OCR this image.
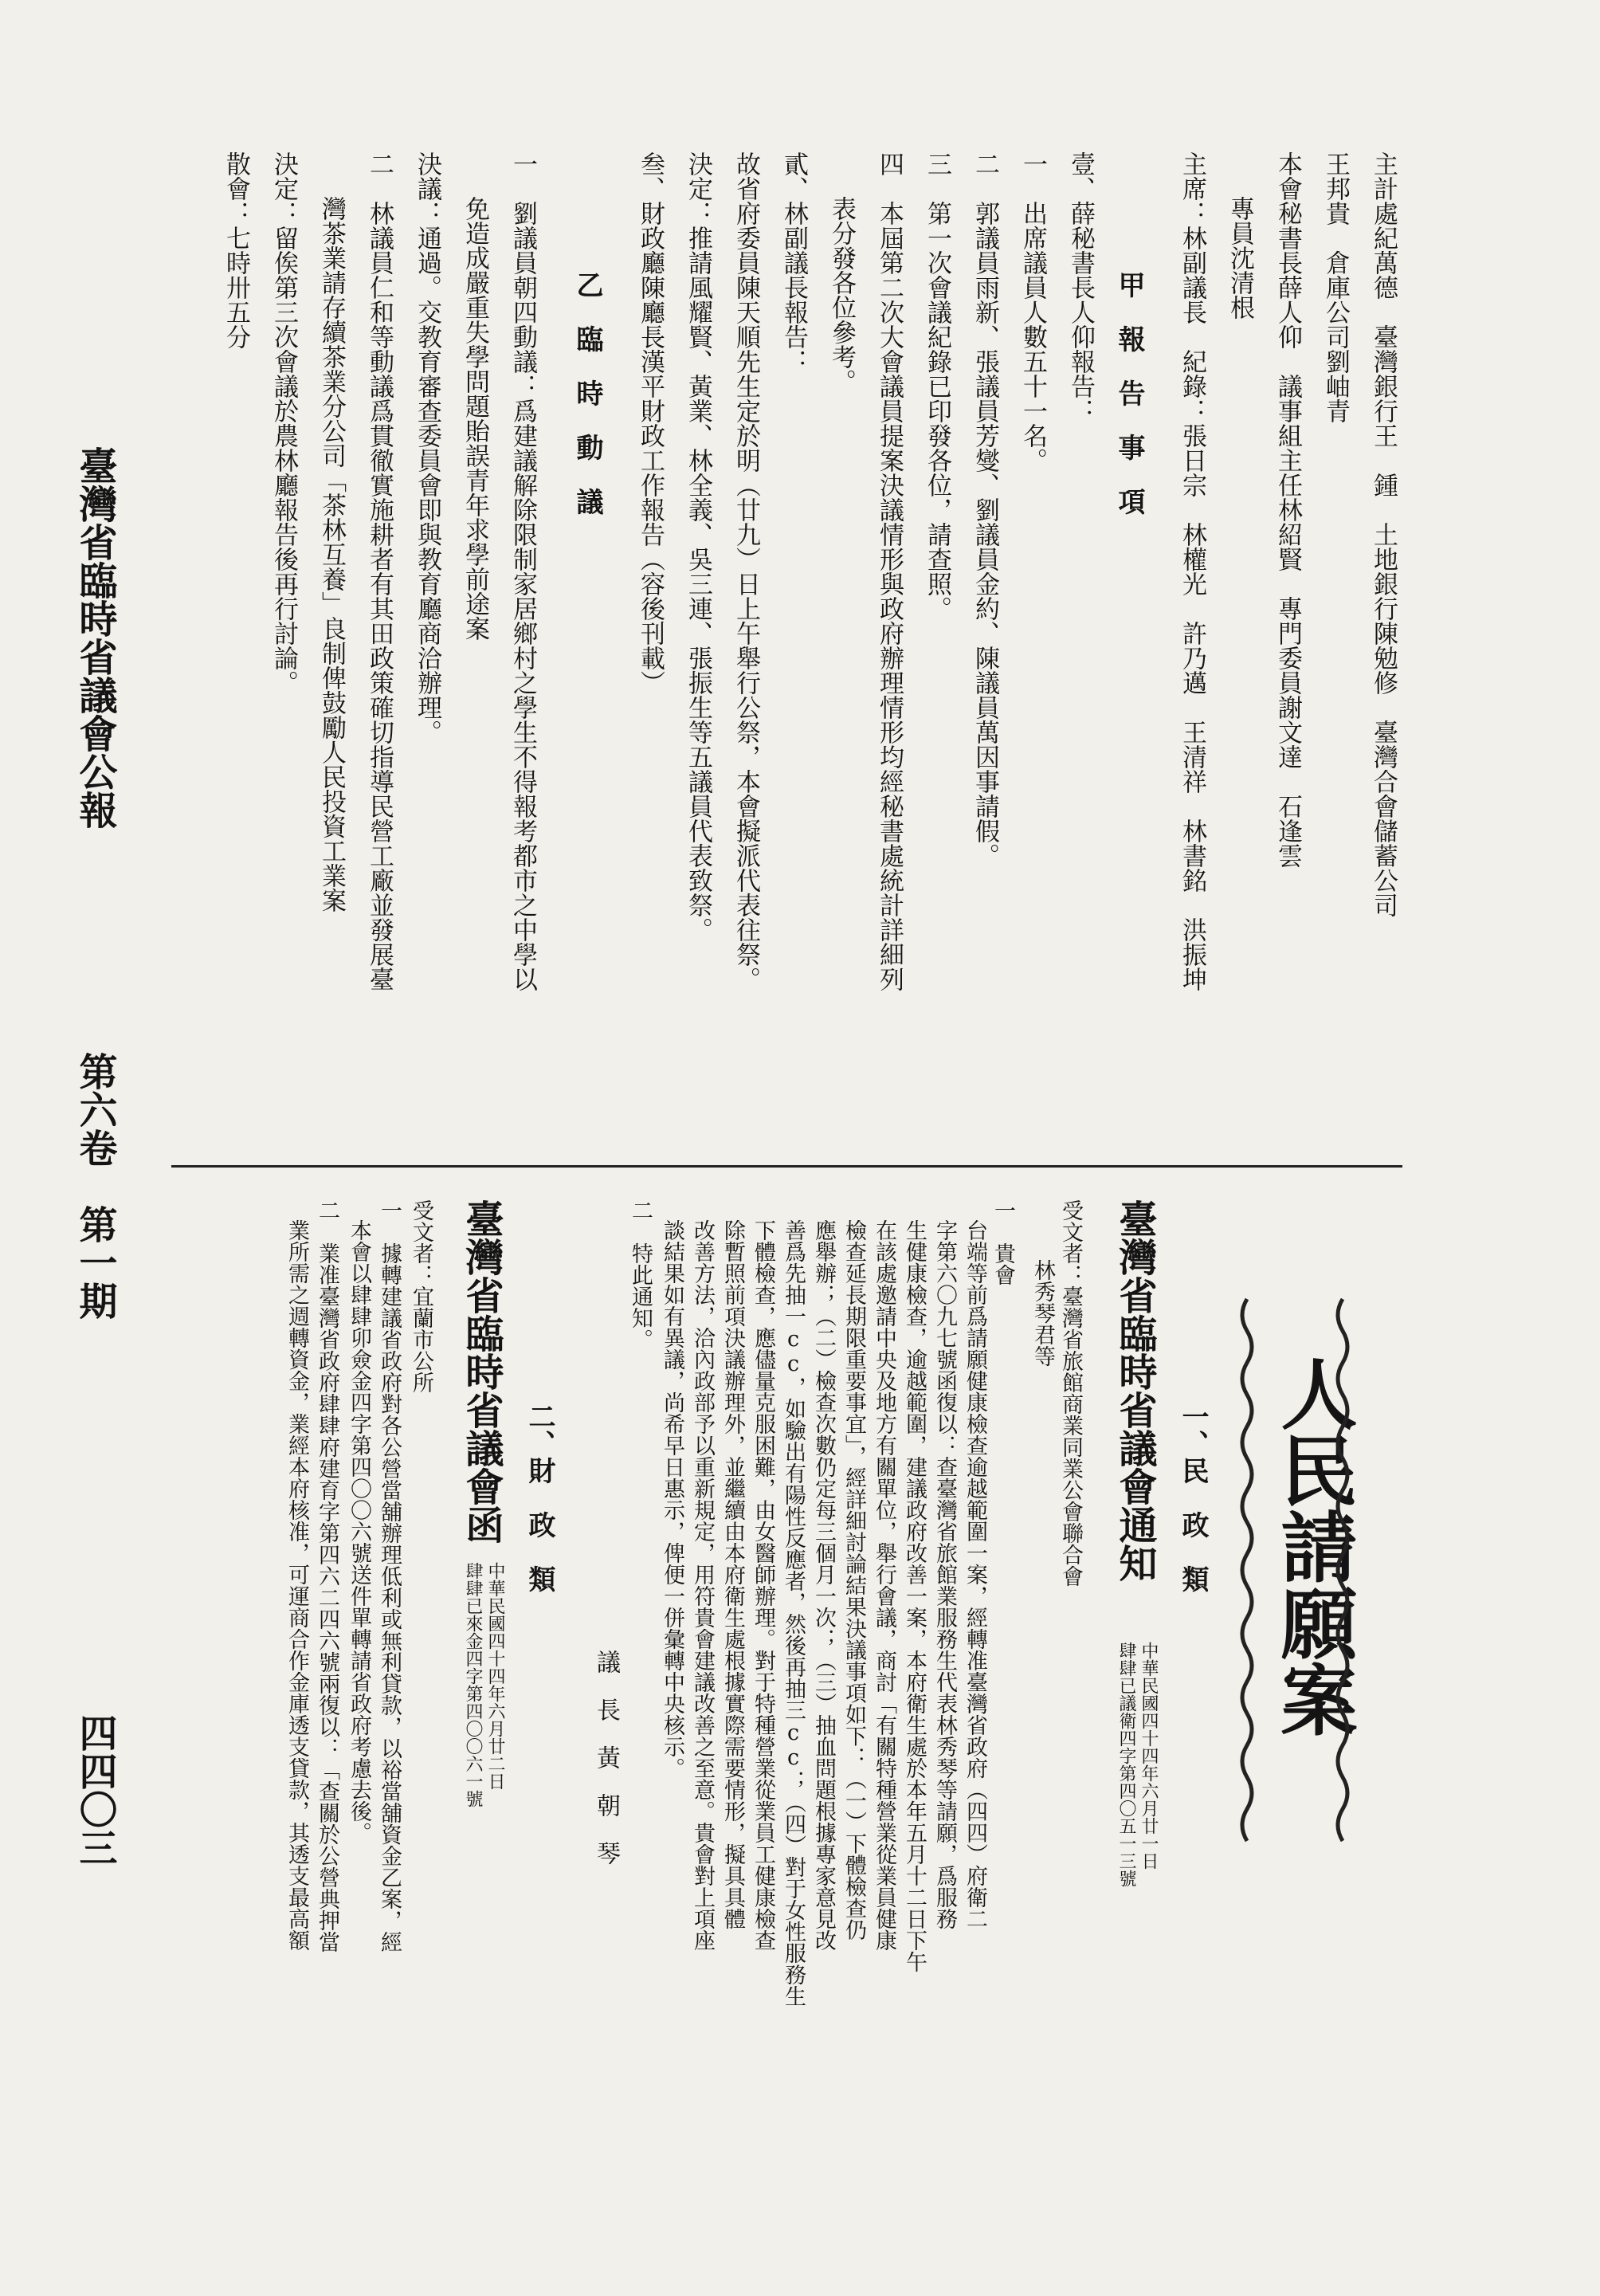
主計處紀萬德　臺灣銀行王　鍾　土地銀行陳勉修　臺灣合會儲蓄公司
王邦貴　倉庫公司劉岫青
本會秘書長薛人仰　議事組主任林紹賢　專門委員謝文達　石逢雲
專員沈清根
主席：林副議長　紀錄：張日宗　林權光　許乃邁　王清祥　林書銘　洪振坤
甲　報　告　事　項
壹、薛秘書長人仰報告：
一　出席議員人數五十一名。
二　郭議員雨新、張議員芳燮、劉議員金約、陳議員萬因事請假。
三　第一次會議紀錄已印發各位，請查照。
四　本屆第二次大會議員提案決議情形與政府辦理情形均經秘書處統計詳細列
表分發各位參考。
貳、林副議長報告：
故省府委員陳天順先生定於明（廿九）日上午舉行公祭，本會擬派代表往祭。
決定：推請風耀賢、黃業、林全義、吳三連、張振生等五議員代表致祭。
叁、財政廳陳廳長漢平財政工作報告（容後刊載）
乙　臨　時　動　議
一　劉議員朝四動議：爲建議解除限制家居鄉村之學生不得報考都市之中學以
免造成嚴重失學問題貽誤青年求學前途案
決議：通過。交教育審查委員會即與教育廳商洽辦理。
二　林議員仁和等動議爲貫徹實施耕者有其田政策確切指導民營工廠並發展臺
灣茶業請存續茶業分公司「茶林互養」良制俾鼓勵人民投資工業案
決定：留俟第三次會議於農林廳報告後再行討論。
散會：七時卅五分
人民請願案
一、民　政　類
臺灣省臨時省議會通知
中華民國四十四年六月廿一日
肆肆已議衛四字第四〇五一三號
受文者：臺灣省旅館商業同業公會聯合會
林秀琴君等
一　貴會
台端等前爲請願健康檢查逾越範圍一案，經轉准臺灣省政府（四四）府衛二
字第六〇九七號函復以：查臺灣省旅館業服務生代表林秀琴等請願，爲服務
生健康檢查，逾越範圍，建議政府改善一案，本府衛生處於本年五月十二日下午
在該處邀請中央及地方有關單位，舉行會議，商討「有關特種營業從業員健康
檢查延長期限重要事宜」，經詳細討論結果決議事項如下：（一）下體檢查仍
應舉辦；（二）檢查次數仍定每三個月一次；（三）抽血問題根據專家意見改
善爲先抽一cc，如驗出有陽性反應者，然後再抽三cc；（四）對于女性服務生
下體檢查，應儘量克服困難，由女醫師辦理。對于特種營業從業員工健康檢查
除暫照前項決議辦理外，並繼續由本府衛生處根據實際需要情形，擬具具體
改善方法，洽內政部予以重新規定，用符貴會建議改善之至意。貴會對上項座
談結果如有異議，尚希早日惠示，俾便一併彙轉中央核示。
二　特此通知。
議　長　黃　朝　琴
二、財　政　類
臺灣省臨時省議會函
中華民國四十四年六月廿二日
肆肆已來金四字第四〇〇六一號
受文者：宜蘭市公所
一　據轉建議省政府對各公營當舖辦理低利或無利貸款，以裕當舖資金乙案，經
本會以肆肆卯僉金四字第四〇〇六號送件單轉請省政府考慮去後。
二　業准臺灣省政府肆肆府建育字第四六二四六號兩復以：「查關於公營典押當
業所需之週轉資金，業經本府核准，可運商合作金庫透支貸款，其透支最高額
臺灣省臨時省議會公報
第六卷　第一期
四四〇三
